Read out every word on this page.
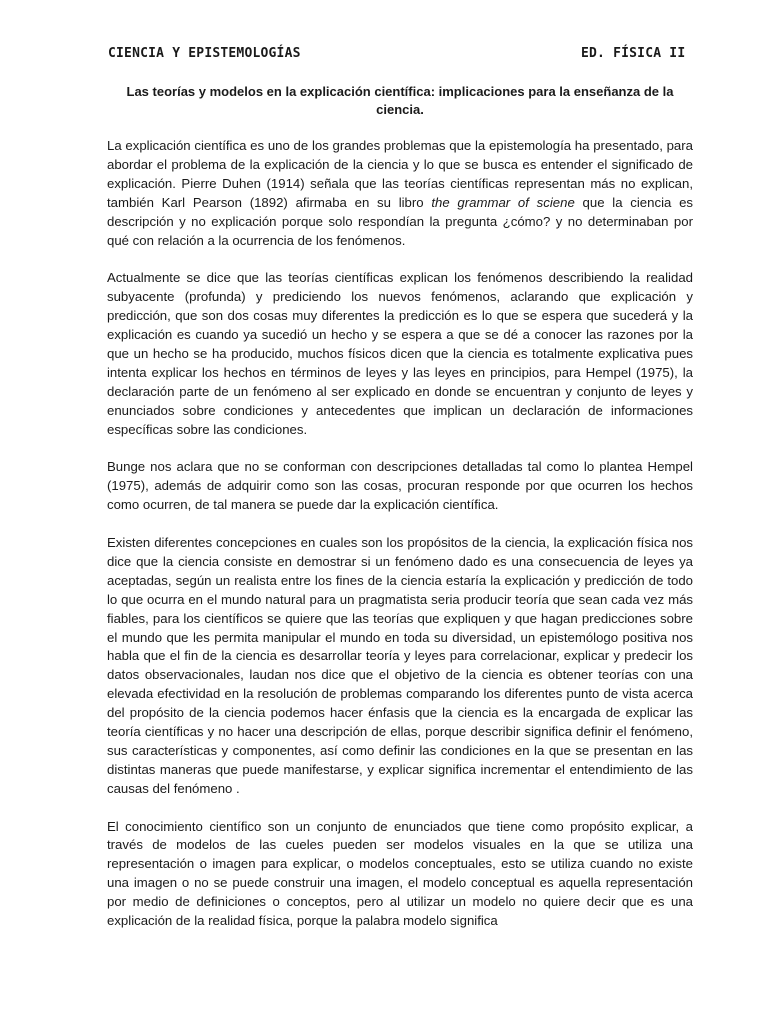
CIENCIA Y EPISTEMOLOGÍAS	ED. FÍSICA II
Las teorías y modelos en la explicación científica: implicaciones para la enseñanza de la ciencia.

La explicación científica es uno de los grandes problemas que la epistemología ha presentado, para abordar el problema de la explicación de la ciencia y lo que se busca es entender el significado de explicación. Pierre Duhen (1914) señala que las teorías científicas representan más no explican, también Karl Pearson (1892) afirmaba en su libro the grammar of sciene que la ciencia es descripción y no explicación porque solo respondían la pregunta ¿cómo? y no determinaban por qué con relación a la ocurrencia de los fenómenos.

Actualmente se dice que las teorías científicas explican los fenómenos describiendo la realidad subyacente (profunda) y prediciendo los nuevos fenómenos, aclarando que explicación y predicción, que son dos cosas muy diferentes la predicción es lo que se espera que sucederá y la explicación es cuando ya sucedió un hecho y se espera a que se dé a conocer las razones por la que un hecho se ha producido, muchos físicos dicen que la ciencia es totalmente explicativa pues intenta explicar los hechos en términos de leyes y las leyes en principios, para Hempel (1975), la declaración parte de un fenómeno al ser explicado en donde se encuentran y conjunto de leyes y enunciados sobre condiciones y antecedentes que implican un declaración de informaciones específicas sobre las condiciones.

Bunge nos aclara que no se conforman con descripciones detalladas tal como lo plantea Hempel (1975), además de adquirir como son las cosas, procuran responde por que ocurren los hechos como ocurren, de tal manera se puede dar la explicación científica.

Existen diferentes concepciones en cuales son los propósitos de la ciencia, la explicación física nos dice que la ciencia consiste en demostrar si un fenómeno dado es una consecuencia de leyes ya aceptadas, según un realista entre los fines de la ciencia estaría la explicación y predicción de todo lo que ocurra en el mundo natural para un pragmatista seria producir teoría que sean cada vez más fiables, para los científicos se quiere que las teorías que expliquen y que hagan predicciones sobre el mundo que les permita manipular el mundo en toda su diversidad, un epistemólogo positiva nos habla que el fin de la ciencia es desarrollar teoría y leyes para correlacionar, explicar y predecir los datos observacionales, laudan nos dice que el objetivo de la ciencia es obtener teorías con una elevada efectividad en la resolución de problemas comparando los diferentes punto de vista acerca del propósito de la ciencia podemos hacer énfasis que la ciencia es la encargada de explicar las teoría científicas y no hacer una descripción de ellas, porque describir significa definir el fenómeno, sus características y componentes, así como definir las condiciones en la que se presentan en las distintas maneras que puede manifestarse, y explicar significa incrementar el entendimiento de las causas del fenómeno .

El conocimiento científico son un conjunto de enunciados que tiene como propósito explicar, a través de modelos de las cueles pueden ser modelos visuales en la que se utiliza una representación o imagen para explicar, o modelos conceptuales, esto se utiliza cuando no existe una imagen o no se puede construir una imagen, el modelo conceptual es aquella representación por medio de definiciones o conceptos, pero al utilizar un modelo no quiere decir que es una explicación de la realidad física, porque la palabra modelo significa
